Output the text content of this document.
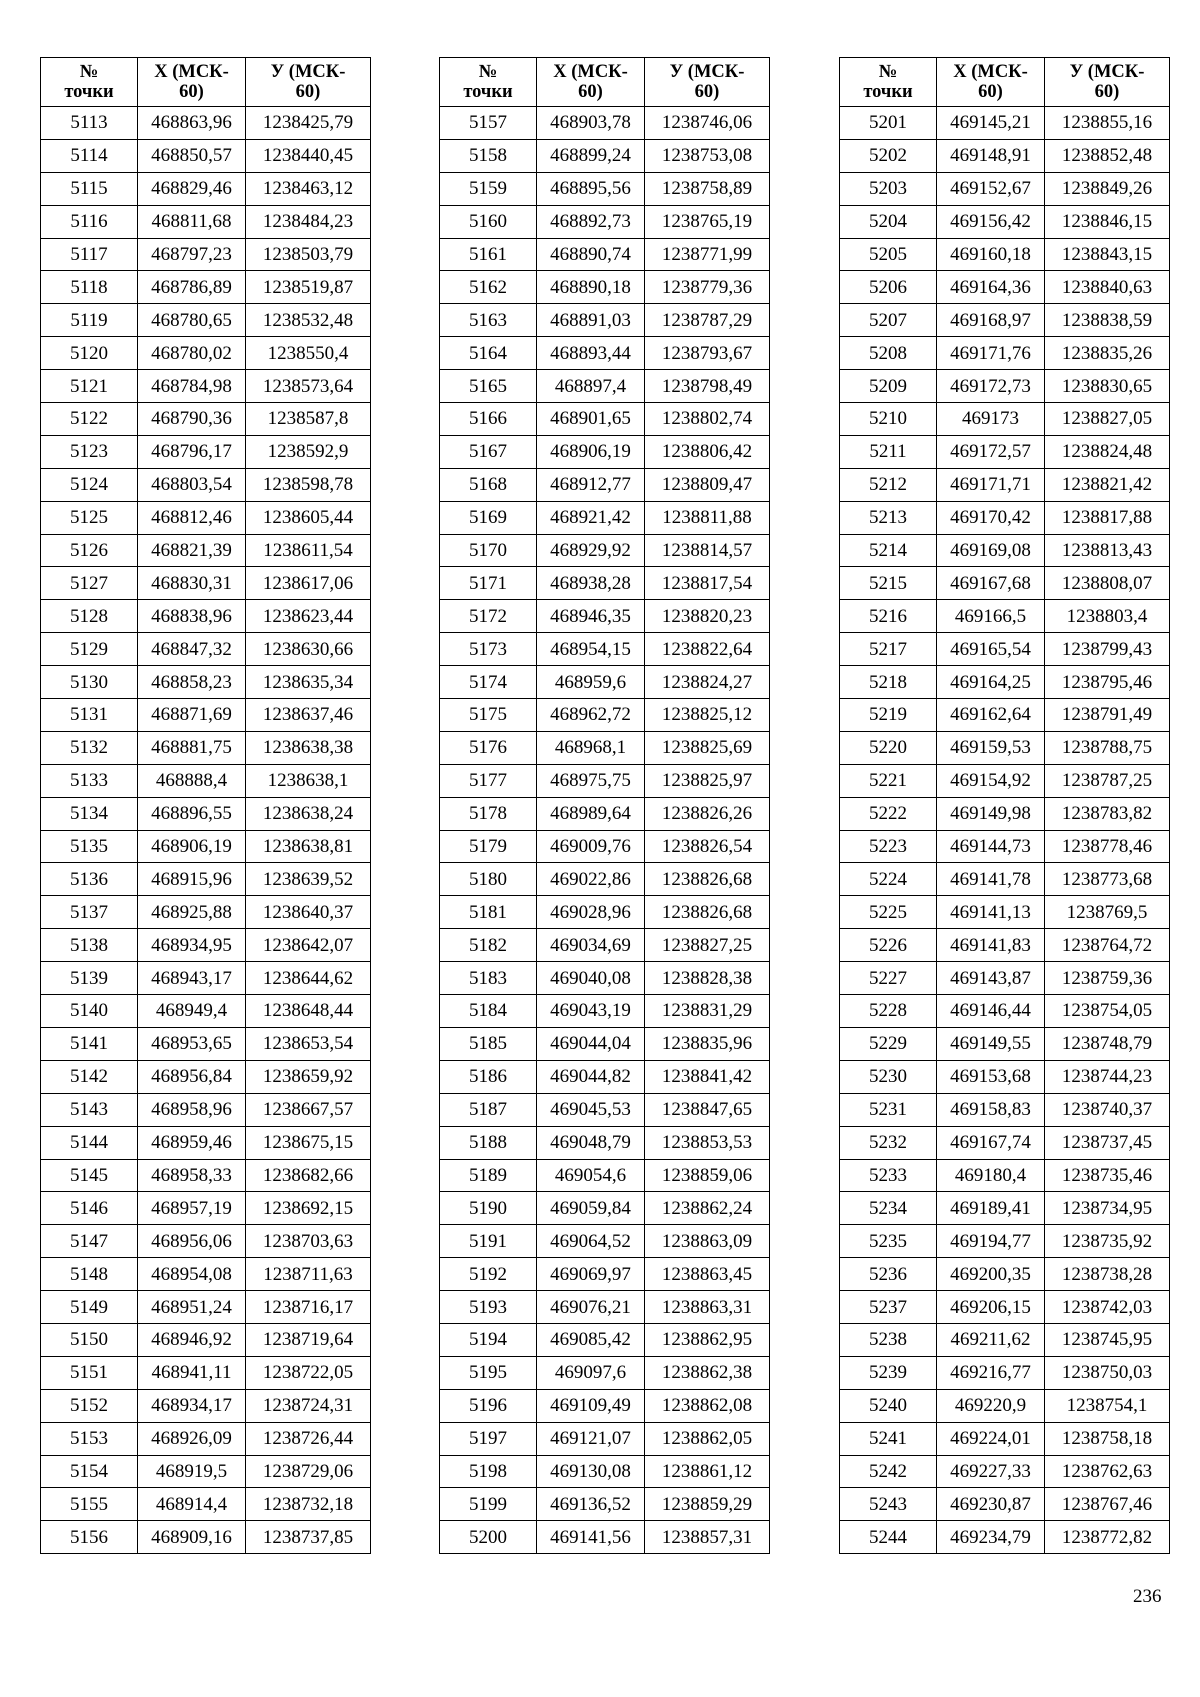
№
точки	Х (МСК-
60)	У (МСК-
60)
5113	468863,96	1238425,79
5114	468850,57	1238440,45
5115	468829,46	1238463,12
5116	468811,68	1238484,23
5117	468797,23	1238503,79
5118	468786,89	1238519,87
5119	468780,65	1238532,48
5120	468780,02	1238550,4
5121	468784,98	1238573,64
5122	468790,36	1238587,8
5123	468796,17	1238592,9
5124	468803,54	1238598,78
5125	468812,46	1238605,44
5126	468821,39	1238611,54
5127	468830,31	1238617,06
5128	468838,96	1238623,44
5129	468847,32	1238630,66
5130	468858,23	1238635,34
5131	468871,69	1238637,46
5132	468881,75	1238638,38
5133	468888,4	1238638,1
5134	468896,55	1238638,24
5135	468906,19	1238638,81
5136	468915,96	1238639,52
5137	468925,88	1238640,37
5138	468934,95	1238642,07
5139	468943,17	1238644,62
5140	468949,4	1238648,44
5141	468953,65	1238653,54
5142	468956,84	1238659,92
5143	468958,96	1238667,57
5144	468959,46	1238675,15
5145	468958,33	1238682,66
5146	468957,19	1238692,15
5147	468956,06	1238703,63
5148	468954,08	1238711,63
5149	468951,24	1238716,17
5150	468946,92	1238719,64
5151	468941,11	1238722,05
5152	468934,17	1238724,31
5153	468926,09	1238726,44
5154	468919,5	1238729,06
5155	468914,4	1238732,18
5156	468909,16	1238737,85
№
точки	Х (МСК-
60)	У (МСК-
60)
5157	468903,78	1238746,06
5158	468899,24	1238753,08
5159	468895,56	1238758,89
5160	468892,73	1238765,19
5161	468890,74	1238771,99
5162	468890,18	1238779,36
5163	468891,03	1238787,29
5164	468893,44	1238793,67
5165	468897,4	1238798,49
5166	468901,65	1238802,74
5167	468906,19	1238806,42
5168	468912,77	1238809,47
5169	468921,42	1238811,88
5170	468929,92	1238814,57
5171	468938,28	1238817,54
5172	468946,35	1238820,23
5173	468954,15	1238822,64
5174	468959,6	1238824,27
5175	468962,72	1238825,12
5176	468968,1	1238825,69
5177	468975,75	1238825,97
5178	468989,64	1238826,26
5179	469009,76	1238826,54
5180	469022,86	1238826,68
5181	469028,96	1238826,68
5182	469034,69	1238827,25
5183	469040,08	1238828,38
5184	469043,19	1238831,29
5185	469044,04	1238835,96
5186	469044,82	1238841,42
5187	469045,53	1238847,65
5188	469048,79	1238853,53
5189	469054,6	1238859,06
5190	469059,84	1238862,24
5191	469064,52	1238863,09
5192	469069,97	1238863,45
5193	469076,21	1238863,31
5194	469085,42	1238862,95
5195	469097,6	1238862,38
5196	469109,49	1238862,08
5197	469121,07	1238862,05
5198	469130,08	1238861,12
5199	469136,52	1238859,29
5200	469141,56	1238857,31
№
точки	Х (МСК-
60)	У (МСК-
60)
5201	469145,21	1238855,16
5202	469148,91	1238852,48
5203	469152,67	1238849,26
5204	469156,42	1238846,15
5205	469160,18	1238843,15
5206	469164,36	1238840,63
5207	469168,97	1238838,59
5208	469171,76	1238835,26
5209	469172,73	1238830,65
5210	469173	1238827,05
5211	469172,57	1238824,48
5212	469171,71	1238821,42
5213	469170,42	1238817,88
5214	469169,08	1238813,43
5215	469167,68	1238808,07
5216	469166,5	1238803,4
5217	469165,54	1238799,43
5218	469164,25	1238795,46
5219	469162,64	1238791,49
5220	469159,53	1238788,75
5221	469154,92	1238787,25
5222	469149,98	1238783,82
5223	469144,73	1238778,46
5224	469141,78	1238773,68
5225	469141,13	1238769,5
5226	469141,83	1238764,72
5227	469143,87	1238759,36
5228	469146,44	1238754,05
5229	469149,55	1238748,79
5230	469153,68	1238744,23
5231	469158,83	1238740,37
5232	469167,74	1238737,45
5233	469180,4	1238735,46
5234	469189,41	1238734,95
5235	469194,77	1238735,92
5236	469200,35	1238738,28
5237	469206,15	1238742,03
5238	469211,62	1238745,95
5239	469216,77	1238750,03
5240	469220,9	1238754,1
5241	469224,01	1238758,18
5242	469227,33	1238762,63
5243	469230,87	1238767,46
5244	469234,79	1238772,82
236
